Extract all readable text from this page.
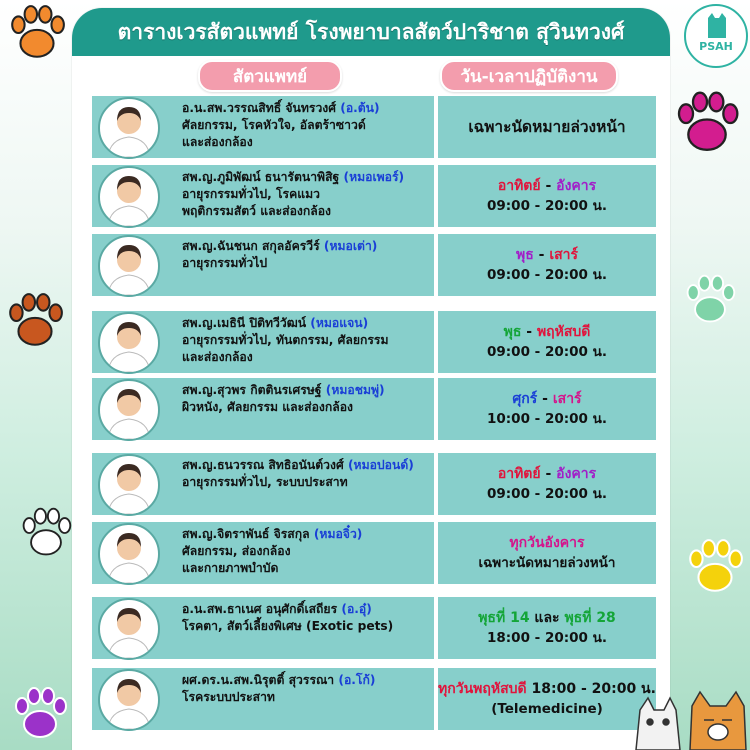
PSAH
ตารางเวรสัตวแพทย์ โรงพยาบาลสัตว์ปาริชาต สุวินทวงศ์
สัตวแพทย์	วัน-เวลาปฏิบัติงาน
อ.น.สพ.วรรณสิทธิ์ จันทรวงศ์ (อ.ต้น)
ศัลยกรรม, โรคหัวใจ, อัลตร้าซาวด์
และส่องกล้อง
เฉพาะนัดหมายล่วงหน้า
สพ.ญ.ภูมิพัฒน์ ธนารัตนาพิสิฐ (หมอเพอร์)
อายุรกรรมทั่วไป, โรคแมว
พฤติกรรมสัตว์ และส่องกล้อง
อาทิตย์ - อังคาร
09:00 - 20:00 น.
สพ.ญ.ฉันชนก สกุลอัครวีร์ (หมอเต่า)
อายุรกรรมทั่วไป	พุธ - เสาร์
09:00 - 20:00 น.
สพ.ญ.เมธินี ปิติทวีวัฒน์ (หมอแจน)
อายุรกรรมทั่วไป, ทันตกรรม, ศัลยกรรม
และส่องกล้อง
พุธ - พฤหัสบดี
09:00 - 20:00 น.
สพ.ญ.สุวพร กิตตินรเศรษฐ์ (หมอชมพู่)
ผิวหนัง, ศัลยกรรม และส่องกล้อง	ศุกร์ - เสาร์
10:00 - 20:00 น.
สพ.ญ.ธนวรรณ สิทธิอนันต์วงศ์ (หมอปอนด์)
อายุรกรรมทั่วไป, ระบบประสาท	อาทิตย์ - อังคาร
09:00 - 20:00 น.
สพ.ญ.จิตราพันธ์ จิรสกุล (หมอจิ๋ว)
ศัลยกรรม, ส่องกล้อง
และกายภาพบำบัด
ทุกวันอังคาร
เฉพาะนัดหมายล่วงหน้า
อ.น.สพ.ธาเนศ อนุศักดิ์เสถียร (อ.อุ๋)
โรคตา, สัตว์เลี้ยงพิเศษ (Exotic pets)	พุธที่ 14 และ พุธที่ 28
18:00 - 20:00 น.
ผศ.ดร.น.สพ.นิรุตติ์ สุวรรณา (อ.โก้)
โรคระบบประสาท	ทุกวันพฤหัสบดี 18:00 - 20:00 น.
(Telemedicine)
